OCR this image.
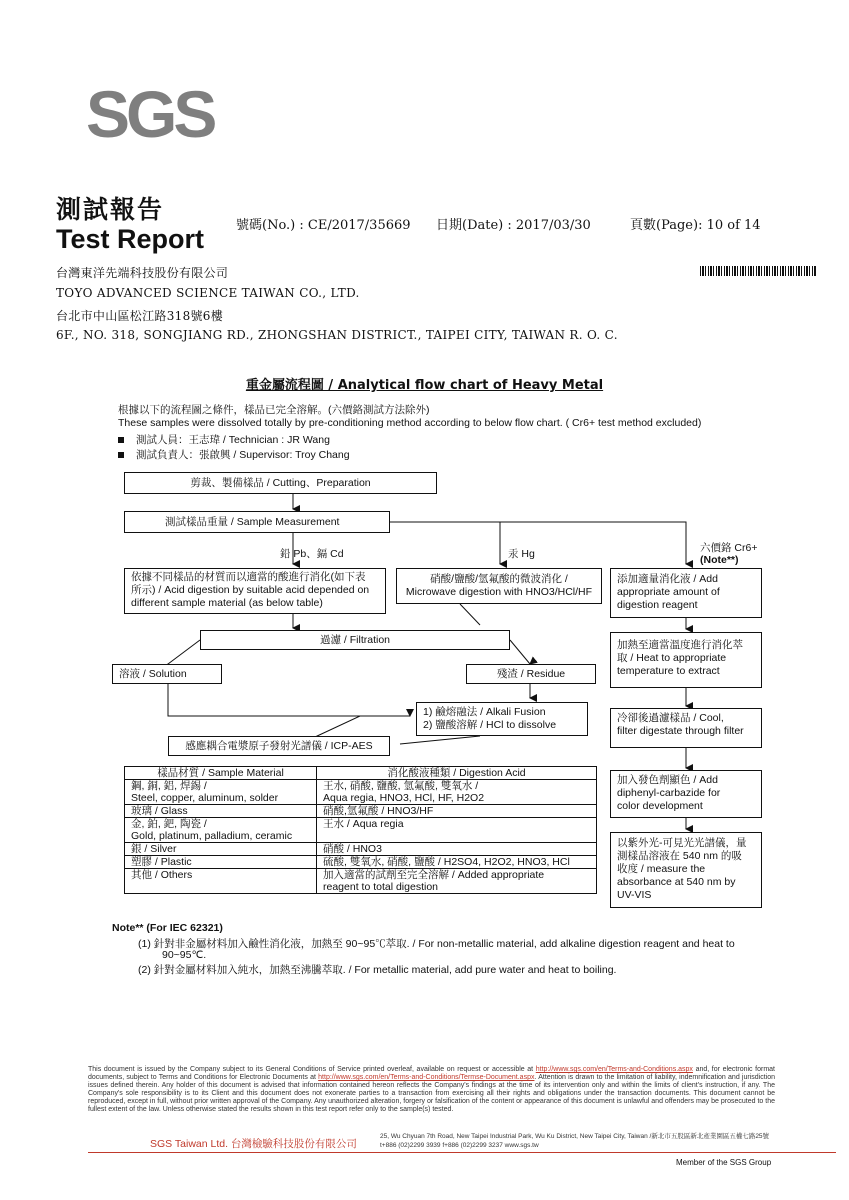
SGS
測試報告
Test Report 號碼(No.) : CE/2017/35669 日期(Date) : 2017/03/30	頁數(Page): 10 of 14
台灣東洋先端科技股份有限公司
TOYO ADVANCED SCIENCE TAIWAN CO., LTD.
台北市中山區松江路318號6樓
6F., NO. 318, SONGJIANG RD., ZHONGSHAN DISTRICT., TAIPEI CITY, TAIWAN R. O. C.
重金屬流程圖 / Analytical flow chart of Heavy Metal
根據以下的流程圖之條件，樣品已完全溶解。(六價鉻測試方法除外)
These samples were dissolved totally by pre-conditioning method according to below flow chart. ( Cr6+ test method excluded)
測試人員：王志瑋 / Technician : JR Wang
測試負責人：張啟興 / Supervisor: Troy Chang
剪裁、製備樣品 / Cutting、Preparation
測試樣品重量 / Sample Measurement
鉛 Pb、鎘 Cd	汞 Hg	六價鉻 Cr6+
(Note**)
依據不同樣品的材質而以適當的酸進行消化(如下表
所示) / Acid digestion by suitable acid depended on
different sample material (as below table)
硝酸/鹽酸/氫氟酸的微波消化 /
Microwave digestion with HNO3/HCl/HF
添加適量消化液 / Add
appropriate amount of
digestion reagent
過濾 / Filtration	加熱至適當溫度進行消化萃
取 / Heat to appropriate
temperature to extract
溶液 / Solution	殘渣 / Residue
1) 鹼熔融法 / Alkali Fusion
2) 鹽酸溶解 / HCl to dissolve
冷卻後過濾樣品 / Cool,
filter digestate through filter
感應耦合電漿原子發射光譜儀 / ICP-AES
加入發色劑顯色 / Add
diphenyl-carbazide for
color development
以紫外光-可見光光譜儀，量
測樣品溶液在 540 nm 的吸
收度 / measure the
absorbance at 540 nm by
UV-VIS
樣品材質 / Sample Material	消化酸液種類 / Digestion Acid
鋼, 銅, 鋁, 焊錫 /	王水, 硝酸, 鹽酸, 氫氟酸, 雙氧水 /
Steel, copper, aluminum, solder	Aqua regia, HNO3, HCl, HF, H2O2
玻璃 / Glass	硝酸,氫氟酸 / HNO3/HF
金, 鉑, 鈀, 陶瓷 /	王水 / Aqua regia
Gold, platinum, palladium, ceramic	
銀 / Silver	硝酸 / HNO3
塑膠 / Plastic	硫酸, 雙氧水, 硝酸, 鹽酸 / H2SO4, H2O2, HNO3, HCl
其他 / Others	加入適當的試劑至完全溶解 / Added appropriate
	reagent to total digestion
Note** (For IEC 62321)
(1) 針對非金屬材料加入鹼性消化液，加熱至 90~95℃萃取. / For non-metallic material, add alkaline digestion reagent and heat to
90~95℃.
(2) 針對金屬材料加入純水，加熱至沸騰萃取. / For metallic material, add pure water and heat to boiling.
This document is issued by the Company subject to its General Conditions of Service printed overleaf, available on request or accessible at http://www.sgs.com/en/Terms-and-Conditions.aspx and, for electronic format documents, subject to Terms and Conditions for Electronic Documents at http://www.sgs.com/en/Terms-and-Conditions/Termse-Document.aspx. Attention is drawn to the limitation of liability, indemnification and jurisdiction issues defined therein. Any holder of this document is advised that information contained hereon reflects the Company's findings at the time of its intervention only and within the limits of client's instruction, if any. The Company's sole responsibility is to its Client and this document does not exonerate parties to a transaction from exercising all their rights and obligations under the transaction documents. This document cannot be reproduced, except in full, without prior written approval of the Company. Any unauthorized alteration, forgery or falsification of the content or appearance of this document is unlawful and offenders may be prosecuted to the fullest extent of the law. Unless otherwise stated the results shown in this test report refer only to the sample(s) tested.
SGS Taiwan Ltd. 台灣檢驗科技股份有限公司
25, Wu Chyuan 7th Road, New Taipei Industrial Park, Wu Ku District, New Taipei City, Taiwan /新北市五股區新北產業園區五權七路25號
t+886 (02)2299 3939 f+886 (02)2299 3237 www.sgs.tw
Member of the SGS Group
